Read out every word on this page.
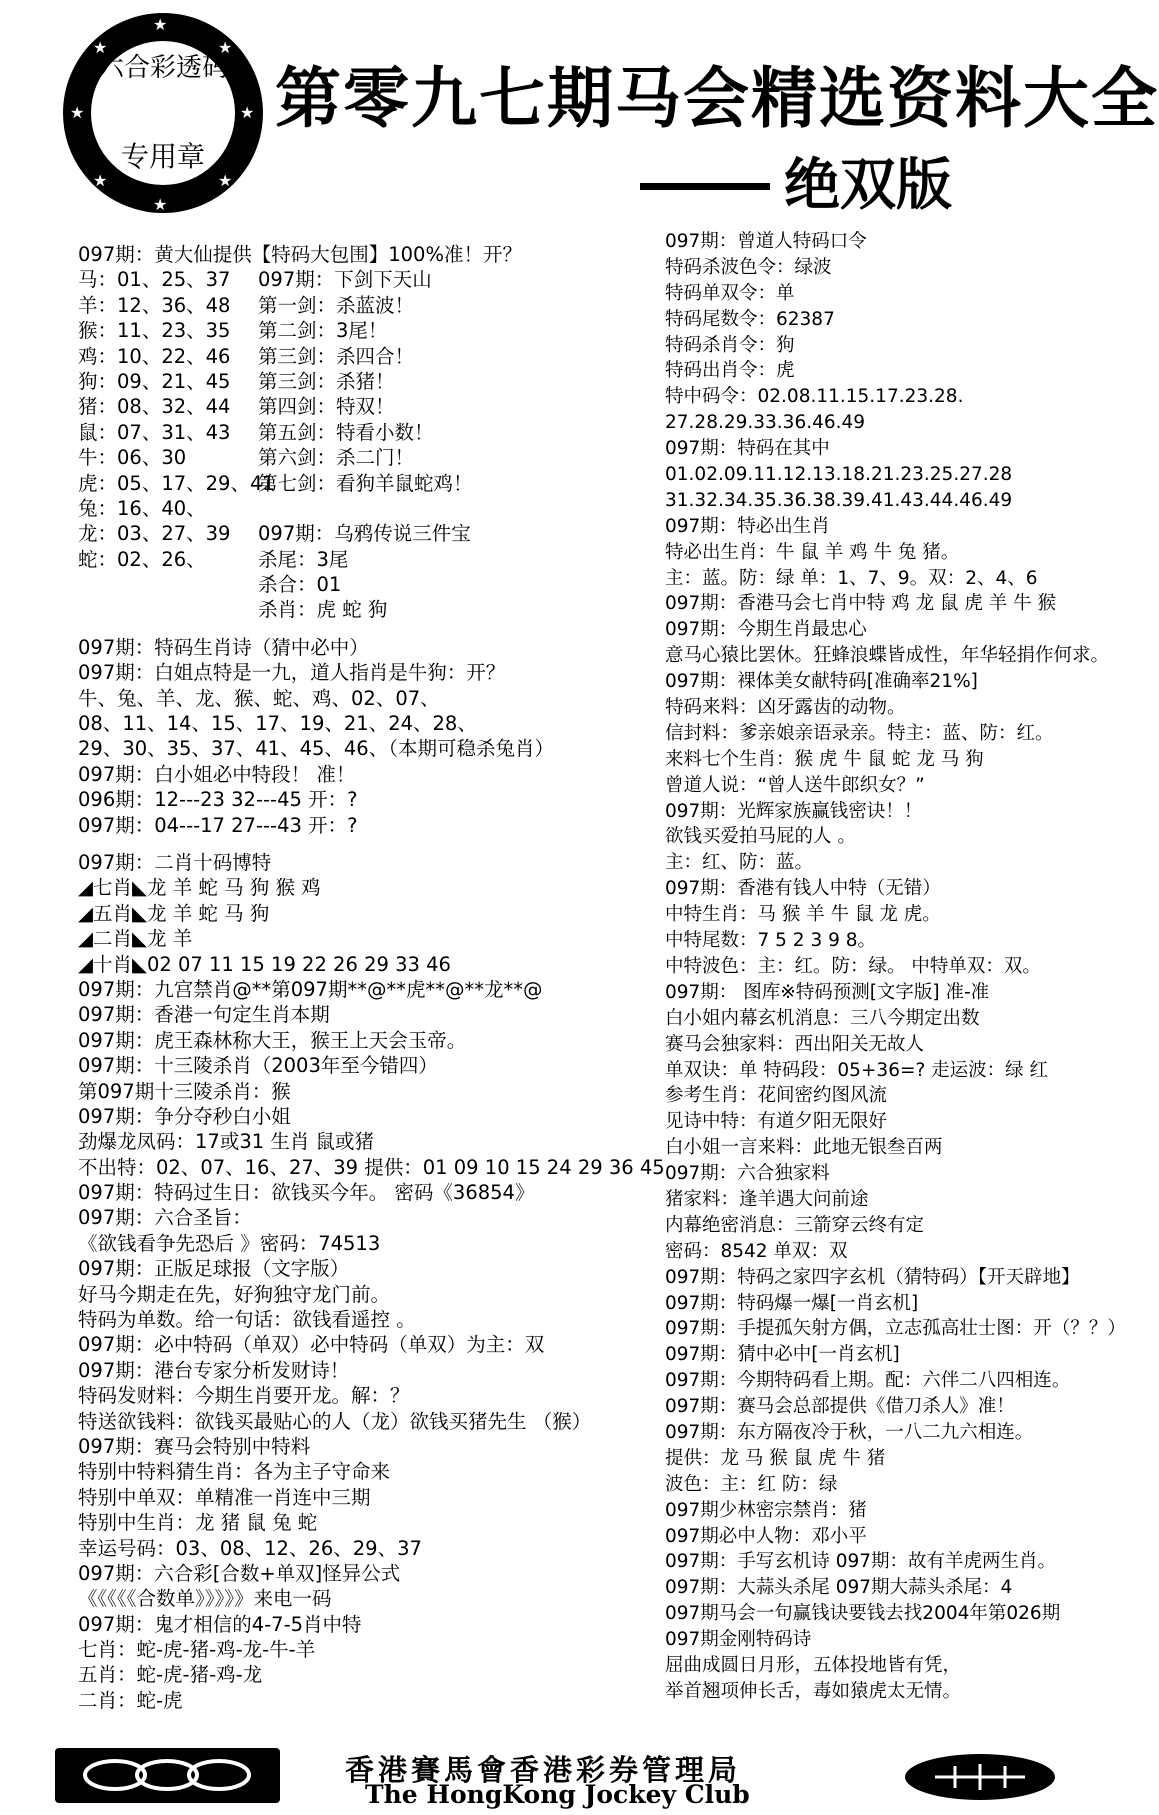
★
★	★
★	★
★	★
★
六合彩透码
专用章
第零九七期马会精选资料大全
绝双版
097期：黄大仙提供【特码大包围】100%准！开？
马：01、25、37
羊：12、36、48
猴：11、23、35
鸡：10、22、46
狗：09、21、45
猪：08、32、44
鼠：07、31、43
牛：06、30
虎：05、17、29、41
兔：16、40、
龙：03、27、39
蛇：02、26、
097期：下剑下天山
第一剑：杀蓝波！
第二剑：3尾！
第三剑：杀四合！
第三剑：杀猪！
第四剑：特双！
第五剑：特看小数！
第六剑：杀二门！
第七剑：看狗羊鼠蛇鸡！
097期：乌鸦传说三件宝
杀尾：3尾
杀合：01
杀肖：虎 蛇 狗
097期：特码生肖诗（猜中必中）
097期：白姐点特是一九，道人指肖是牛狗：开？
牛、兔、羊、龙、猴、蛇、鸡、02、07、
08、11、14、15、17、19、21、24、28、
29、30、35、37、41、45、46、（本期可稳杀兔肖）
097期：白小姐必中特段！ 准！
096期：12---23 32---45 开：?
097期：04---17 27---43 开：?
097期：二肖十码博特
◢七肖◣龙 羊 蛇 马 狗 猴 鸡
◢五肖◣龙 羊 蛇 马 狗
◢二肖◣龙 羊
◢十肖◣02 07 11 15 19 22 26 29 33 46
097期：九宫禁肖@**第097期**@**虎**@**龙**@
097期：香港一句定生肖本期
097期：虎王森林称大王，猴王上天会玉帝。
097期：十三陵杀肖（2003年至今错四）
第097期十三陵杀肖：猴
097期：争分夺秒白小姐
劲爆龙凤码：17或31 生肖 鼠或猪
不出特：02、07、16、27、39 提供：01 09 10 15 24 29 36 45
097期：特码过生日：欲钱买今年。 密码《36854》
097期：六合圣旨：
《欲钱看争先恐后 》密码：74513
097期：正版足球报（文字版）
好马今期走在先，好狗独守龙门前。
特码为单数。给一句话：欲钱看遥控 。
097期：必中特码（单双）必中特码（单双）为主：双
097期：港台专家分析发财诗！
特码发财料：今期生肖要开龙。解：？
特送欲钱料：欲钱买最贴心的人（龙）欲钱买猪先生 （猴）
097期：赛马会特别中特料
特别中特料猜生肖：各为主子守命来
特别中单双：单精准一肖连中三期
特别中生肖：龙 猪 鼠 兔 蛇
幸运号码：03、08、12、26、29、37
097期：六合彩[合数+单双]怪异公式
《《《《《合数单》》》》》来电一码
097期：鬼才相信的4-7-5肖中特
七肖：蛇-虎-猪-鸡-龙-牛-羊
五肖：蛇-虎-猪-鸡-龙
二肖：蛇-虎
097期：曾道人特码口令
特码杀波色令：绿波
特码单双令：单
特码尾数令：62387
特码杀肖令：狗
特码出肖令：虎
特中码令：02.08.11.15.17.23.28.
27.28.29.33.36.46.49
097期：特码在其中
01.02.09.11.12.13.18.21.23.25.27.28
31.32.34.35.36.38.39.41.43.44.46.49
097期：特必出生肖
特必出生肖：牛 鼠 羊 鸡 牛 兔 猪。
主：蓝。防：绿 单：1、7、9。双：2、4、6
097期：香港马会七肖中特 鸡 龙 鼠 虎 羊 牛 猴
097期：今期生肖最忠心
意马心猿比罢休。狂蜂浪蝶皆成性，年华轻捐作何求。
097期：裸体美女献特码[准确率21%]
特码来料：凶牙露齿的动物。
信封料：爹亲娘亲语录亲。特主：蓝、防：红。
来料七个生肖：猴 虎 牛 鼠 蛇 龙 马 狗
曾道人说：“曾人送牛郎织女？”
097期：光辉家族赢钱密诀！！
欲钱买爱拍马屁的人 。
主：红、防：蓝。
097期：香港有钱人中特（无错）
中特生肖：马 猴 羊 牛 鼠 龙 虎。
中特尾数：7 5 2 3 9 8。
中特波色：主：红。防：绿。 中特单双：双。
097期： 图库※特码预测[文字版] 准-准
白小姐内幕玄机消息：三八今期定出数
赛马会独家料：西出阳关无故人
单双诀：单 特码段：05+36=? 走运波：绿 红
参考生肖：花间密约图风流
见诗中特：有道夕阳无限好
白小姐一言来料：此地无银叁百两
097期：六合独家料
猪家料：逢羊遇大问前途
内幕绝密消息：三箭穿云终有定
密码：8542 单双：双
097期：特码之家四字玄机（猜特码）【开天辟地】
097期：特码爆一爆[一肖玄机]
097期：手提孤矢射方偶，立志孤高壮士图：开（？？）
097期：猜中必中[一肖玄机]
097期：今期特码看上期。配：六伴二八四相连。
097期：赛马会总部提供《借刀杀人》准！
097期：东方隔夜冷于秋，一八二九六相连。
提供：龙 马 猴 鼠 虎 牛 猪
波色：主：红 防：绿
097期少林密宗禁肖：猪
097期必中人物：邓小平
097期：手写玄机诗 097期：故有羊虎两生肖。
097期：大蒜头杀尾 097期大蒜头杀尾：4
097期马会一句赢钱诀要钱去找2004年第026期
097期金刚特码诗
屈曲成圆日月形，五体投地皆有凭，
举首翘项伸长舌，毒如猿虎太无情。
香港賽馬會香港彩券管理局
The HongKong Jockey Club
